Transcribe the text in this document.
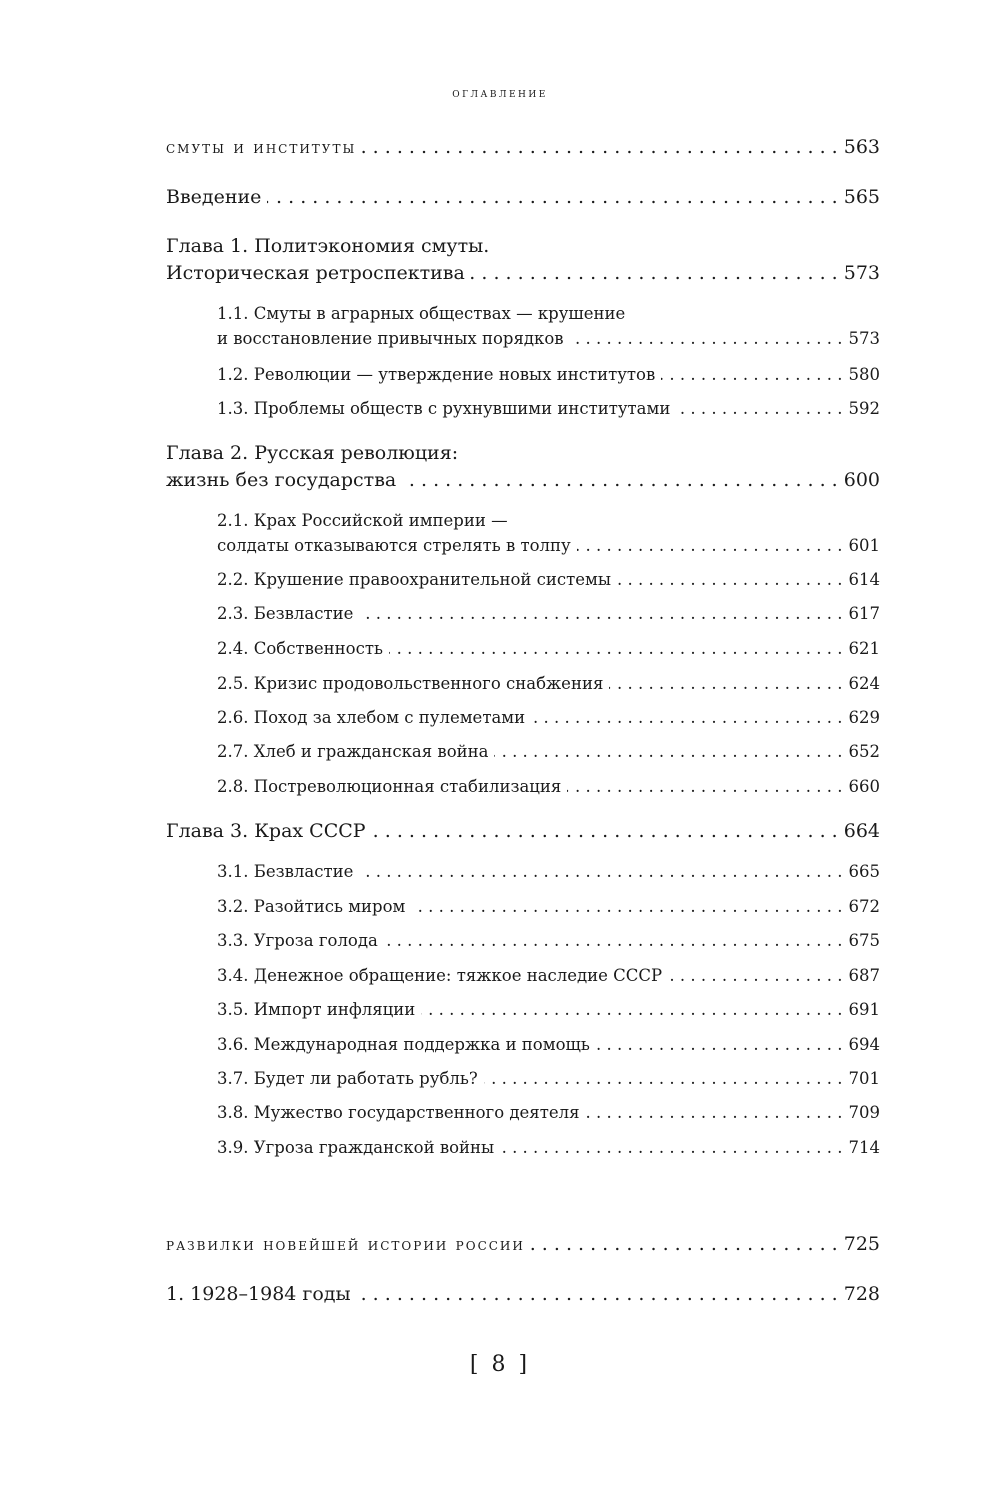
оглавление
смуты и институты . . .	563
Введение . . .	565
Глава 1. Политэкономия смуты.
Историческая ретроспектива . . .	573
1.1. Смуты в аграрных обществах — крушение
и восстановление привычных порядков . . .	573
1.2. Революции — утверждение новых институтов . . .	580
1.3. Проблемы обществ с рухнувшими институтами . . .	592
Глава 2. Русская революция:
жизнь без государства . . .	600
2.1. Крах Российской империи —
солдаты отказываются стрелять в толпу . . .	601
2.2. Крушение правоохранительной системы . . .	614
2.3. Безвластие . . .	617
2.4. Собственность . . .	621
2.5. Кризис продовольственного снабжения . . .	624
2.6. Поход за хлебом с пулеметами . . .	629
2.7. Хлеб и гражданская война . . .	652
2.8. Постреволюционная стабилизация . . .	660
Глава 3. Крах СССР . . .	664
3.1. Безвластие . . .	665
3.2. Разойтись миром . . .	672
3.3. Угроза голода . . .	675
3.4. Денежное обращение: тяжкое наследие СССР . . .	687
3.5. Импорт инфляции . . .	691
3.6. Международная поддержка и помощь . . .	694
3.7. Будет ли работать рубль? . . .	701
3.8. Мужество государственного деятеля . . .	709
3.9. Угроза гражданской войны . . .	714
развилки новейшей истории россии . . .	725
1. 1928–1984 годы . . .	728
[ 8 ]
